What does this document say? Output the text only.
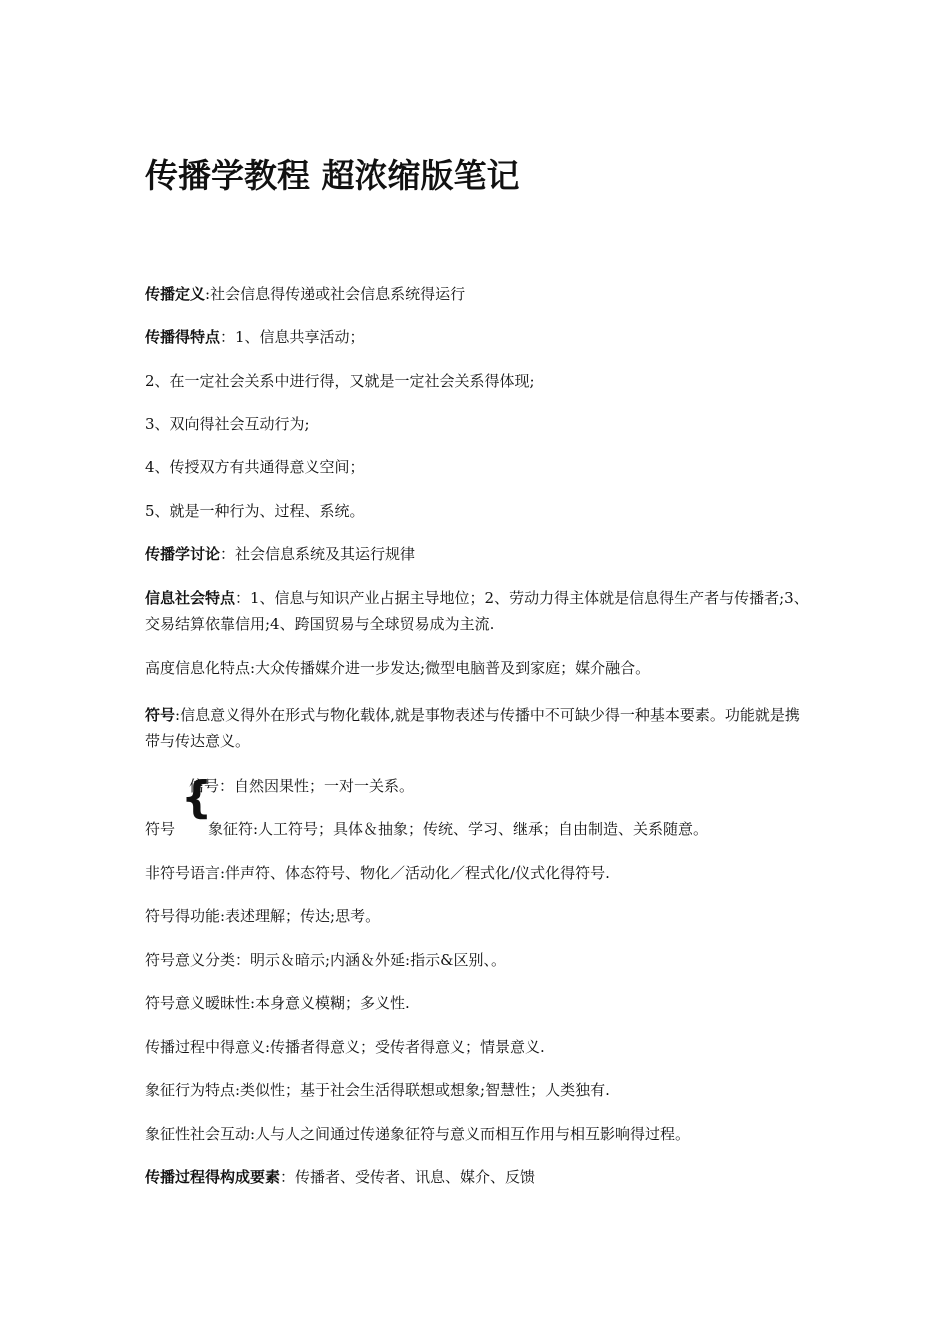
传播学教程 超浓缩版笔记
传播定义:社会信息得传递或社会信息系统得运行
传播得特点：1、信息共享活动；
2、在一定社会关系中进行得，又就是一定社会关系得体现;
3、双向得社会互动行为;
4、传授双方有共通得意义空间；
5、就是一种行为、过程、系统。
传播学讨论：社会信息系统及其运行规律
信息社会特点：1、信息与知识产业占据主导地位；2、劳动力得主体就是信息得生产者与传播者;3、交易结算依靠信用;4、跨国贸易与全球贸易成为主流.
高度信息化特点:大众传播媒介进一步发达;微型电脑普及到家庭；媒介融合。
符号:信息意义得外在形式与物化载体,就是事物表述与传播中不可缺少得一种基本要素。功能就是携带与传达意义。
{
信号：自然因果性；一对一关系。
符号 象征符:人工符号；具体＆抽象；传统、学习、继承；自由制造、关系随意。
非符号语言:伴声符、体态符号、物化／活动化／程式化/仪式化得符号.
符号得功能:表述理解；传达;思考。
符号意义分类：明示＆暗示;内涵＆外延:指示&区别、。
符号意义暧昧性:本身意义模糊；多义性.
传播过程中得意义:传播者得意义；受传者得意义；情景意义.
象征行为特点:类似性；基于社会生活得联想或想象;智慧性；人类独有.
象征性社会互动:人与人之间通过传递象征符与意义而相互作用与相互影响得过程。
传播过程得构成要素：传播者、受传者、讯息、媒介、反馈
